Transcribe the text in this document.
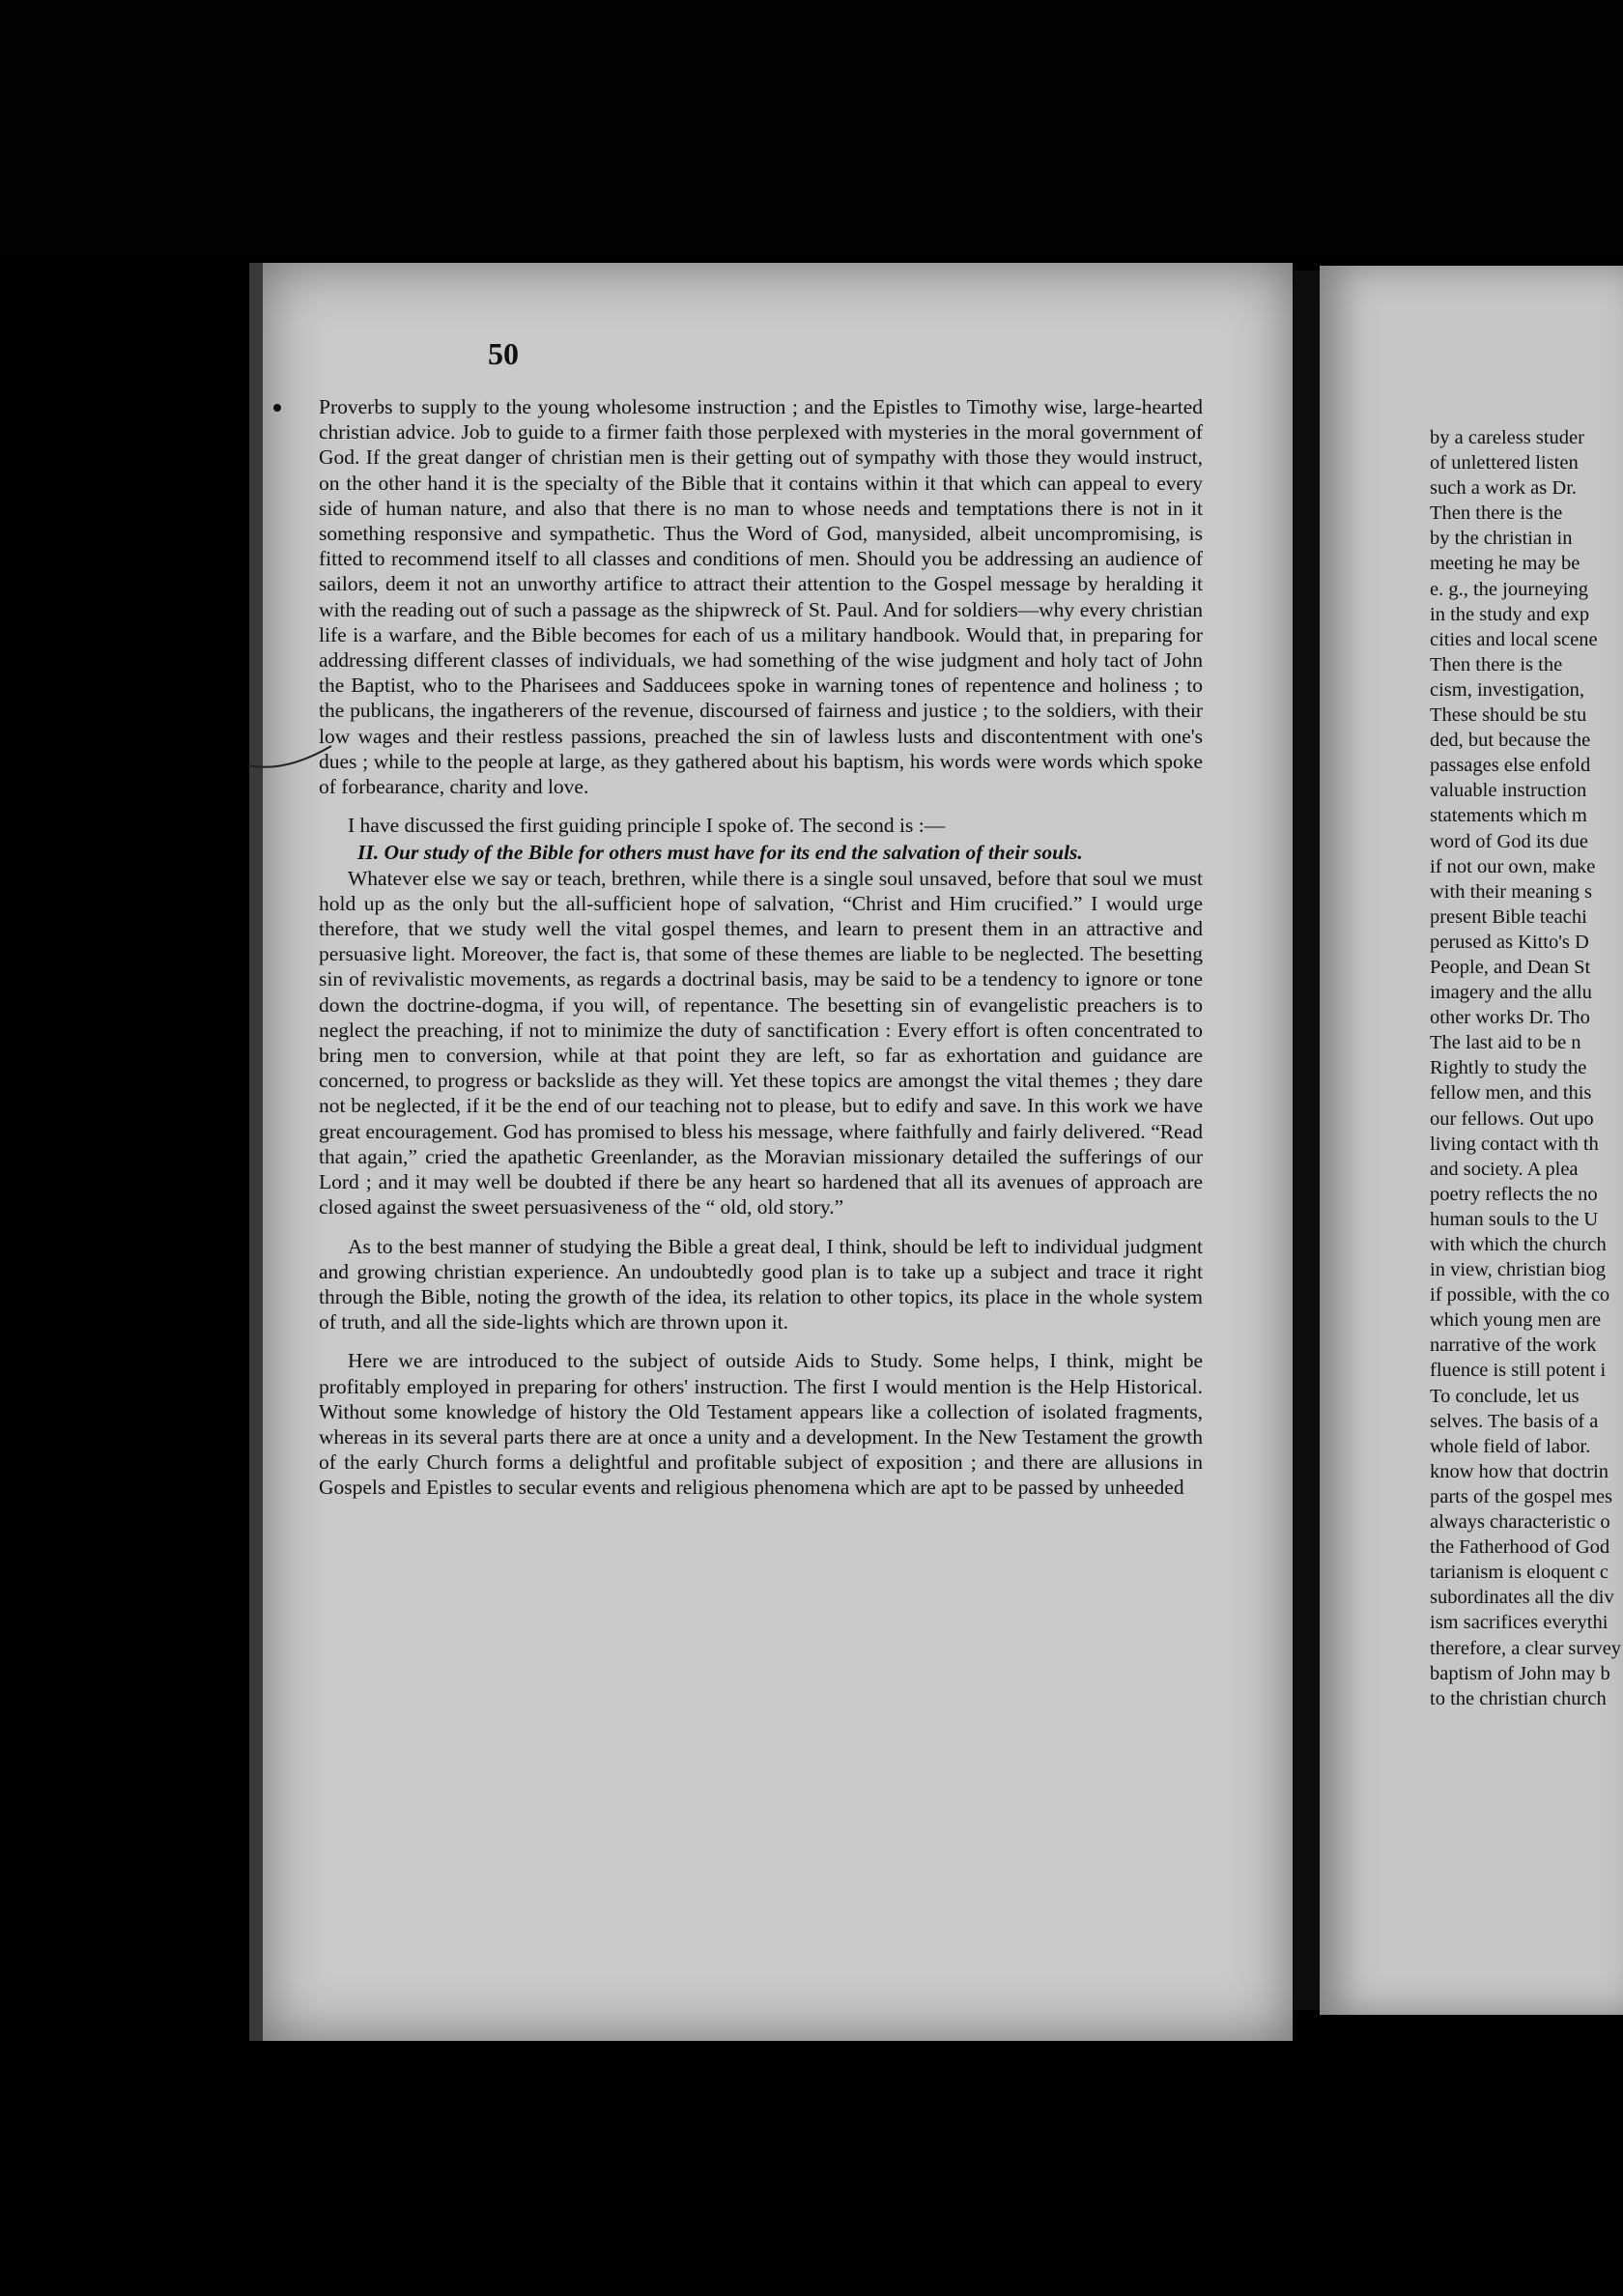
50

Proverbs to supply to the young wholesome instruction ; and the Epistles to Timothy wise, large-hearted christian advice. Job to guide to a firmer faith those perplexed with mysteries in the moral government of God. If the great danger of christian men is their getting out of sympathy with those they would instruct, on the other hand it is the specialty of the Bible that it contains within it that which can appeal to every side of human nature, and also that there is no man to whose needs and temptations there is not in it something responsive and sympathetic. Thus the Word of God, manysided, albeit uncompromising, is fitted to recommend itself to all classes and conditions of men. Should you be addressing an audience of sailors, deem it not an unworthy artifice to attract their attention to the Gospel message by heralding it with the reading out of such a passage as the shipwreck of St. Paul. And for soldiers—why every christian life is a warfare, and the Bible becomes for each of us a military handbook. Would that, in preparing for addressing different classes of individuals, we had something of the wise judgment and holy tact of John the Baptist, who to the Pharisees and Sadducees spoke in warning tones of repentence and holiness ; to the publicans, the ingatherers of the revenue, discoursed of fairness and justice ; to the soldiers, with their low wages and their restless passions, preached the sin of lawless lusts and discontentment with one's dues ; while to the people at large, as they gathered about his baptism, his words were words which spoke of forbearance, charity and love.

I have discussed the first guiding principle I spoke of. The second is :—

II. Our study of the Bible for others must have for its end the salvation of their souls.

Whatever else we say or teach, brethren, while there is a single soul unsaved, before that soul we must hold up as the only but the all-sufficient hope of salvation, “Christ and Him crucified.” I would urge therefore, that we study well the vital gospel themes, and learn to present them in an attractive and persuasive light. Moreover, the fact is, that some of these themes are liable to be neglected. The besetting sin of revivalistic movements, as regards a doctrinal basis, may be said to be a tendency to ignore or tone down the doctrine-dogma, if you will, of repentance. The besetting sin of evangelistic preachers is to neglect the preaching, if not to minimize the duty of sanctification : Every effort is often concentrated to bring men to conversion, while at that point they are left, so far as exhortation and guidance are concerned, to progress or backslide as they will. Yet these topics are amongst the vital themes ; they dare not be neglected, if it be the end of our teaching not to please, but to edify and save. In this work we have great encouragement. God has promised to bless his message, where faithfully and fairly delivered. “Read that again,” cried the apathetic Greenlander, as the Moravian missionary detailed the sufferings of our Lord ; and it may well be doubted if there be any heart so hardened that all its avenues of approach are closed against the sweet persuasiveness of the “ old, old story.”

As to the best manner of studying the Bible a great deal, I think, should be left to individual judgment and growing christian experience. An undoubtedly good plan is to take up a subject and trace it right through the Bible, noting the growth of the idea, its relation to other topics, its place in the whole system of truth, and all the side-lights which are thrown upon it.

Here we are introduced to the subject of outside Aids to Study. Some helps, I think, might be profitably employed in preparing for others' instruction. The first I would mention is the Help Historical. Without some knowledge of history the Old Testament appears like a collection of isolated fragments, whereas in its several parts there are at once a unity and a development. In the New Testament the growth of the early Church forms a delightful and profitable subject of exposition ; and there are allusions in Gospels and Epistles to secular events and religious phenomena which are apt to be passed by unheeded

by a careless studer
of unlettered listen
such a work as Dr.
Then there is the
by the christian in
meeting he may be
e. g., the journeying
in the study and exp
cities and local scene
Then there is the
cism, investigation,
These should be stu
ded, but because the
passages else enfold
valuable instruction
statements which m
word of God its due
if not our own, make
with their meaning s
present Bible teachi
perused as Kitto's D
People, and Dean St
imagery and the allu
other works Dr. Tho
The last aid to be n
Rightly to study the
fellow men, and this
our fellows. Out upo
living contact with th
and society. A plea
poetry reflects the no
human souls to the U
with which the church
in view, christian biog
if possible, with the co
which young men are
narrative of the work
fluence is still potent i
To conclude, let us
selves. The basis of a
whole field of labor.
know how that doctrin
parts of the gospel mes
always characteristic o
the Fatherhood of God
tarianism is eloquent c
subordinates all the div
ism sacrifices everythi
therefore, a clear survey
baptism of John may b
to the christian church
